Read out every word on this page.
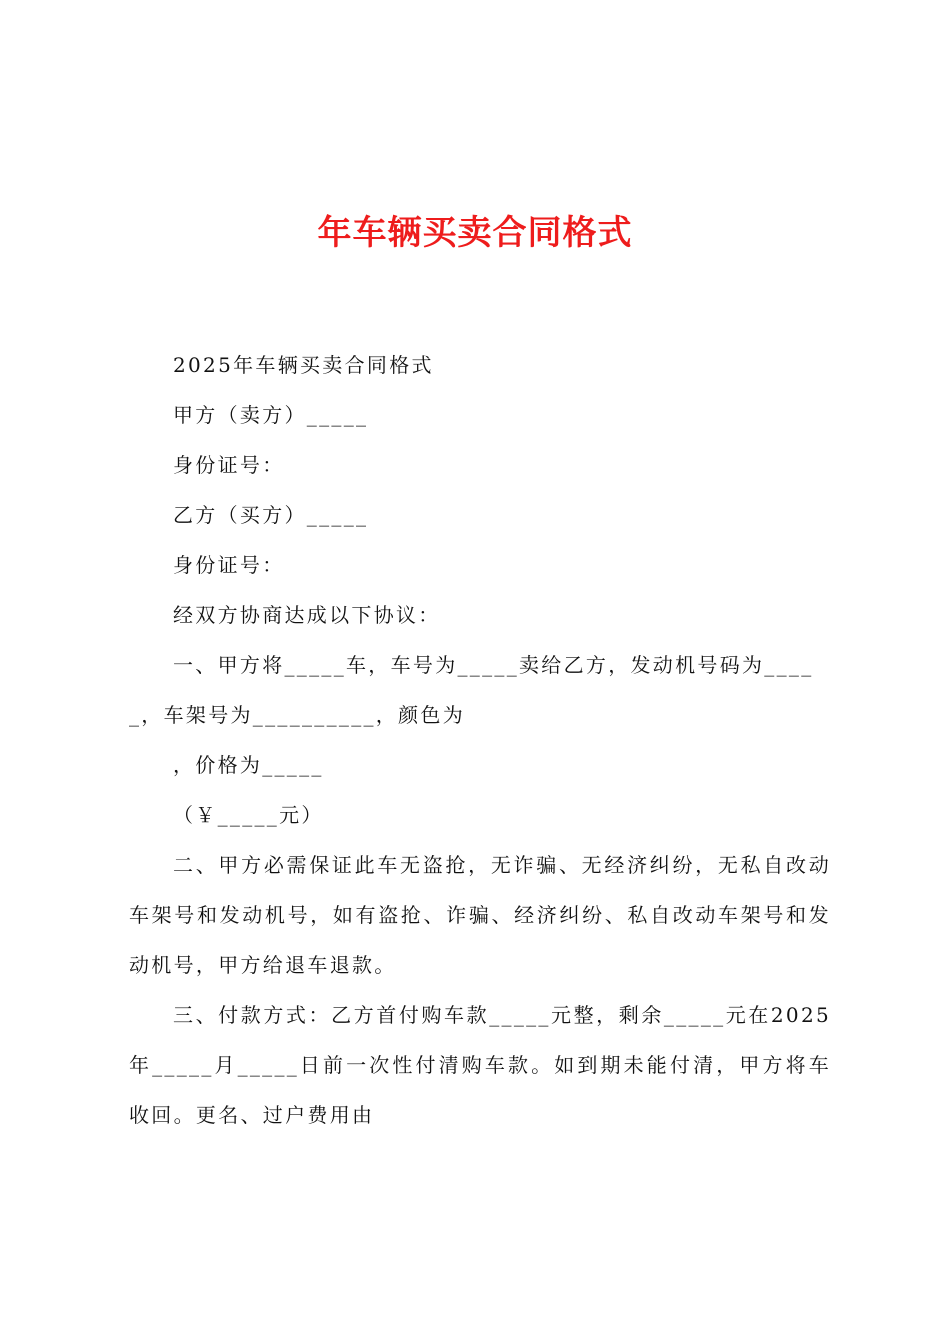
年车辆买卖合同格式

2025年车辆买卖合同格式

甲方（卖方）_____

身份证号：

乙方（买方）_____

身份证号：

经双方协商达成以下协议：

一、甲方将_____车，车号为_____卖给乙方，发动机号码为_____，车架号为__________，颜色为

，价格为_____

（￥_____元）

二、甲方必需保证此车无盗抢，无诈骗、无经济纠纷，无私自改动车架号和发动机号，如有盗抢、诈骗、经济纠纷、私自改动车架号和发动机号，甲方给退车退款。

三、付款方式：乙方首付购车款_____元整，剩余_____元在2025年_____月_____日前一次性付清购车款。如到期未能付清，甲方将车收回。更名、过户费用由
